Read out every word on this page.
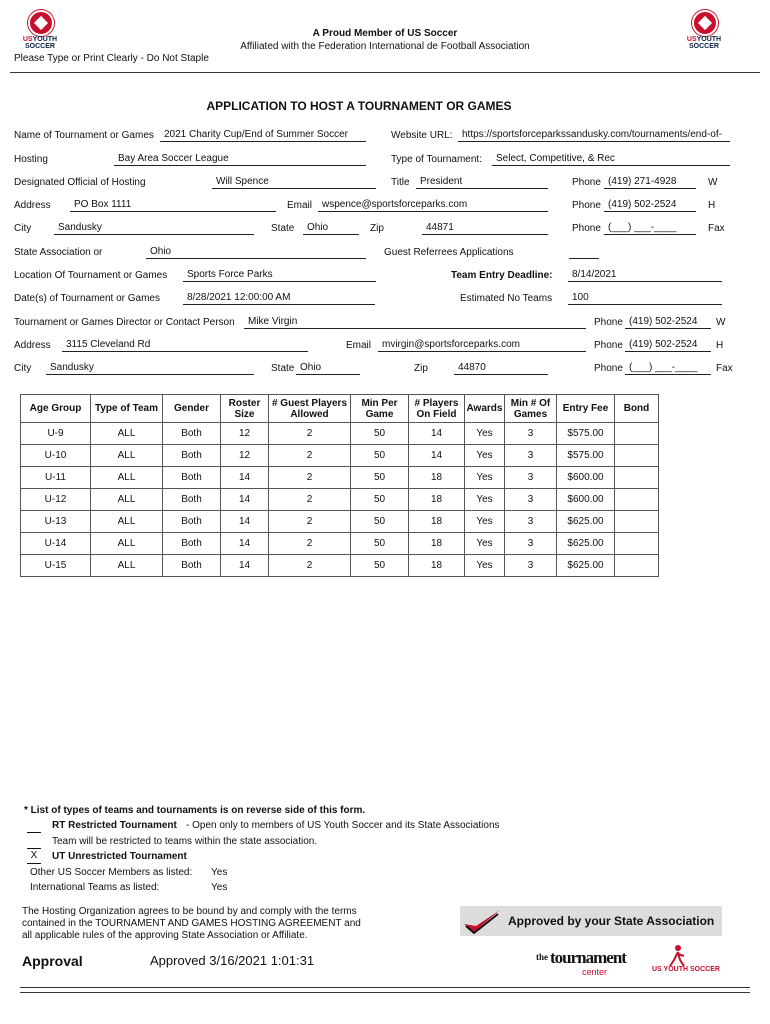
USYOUTH
SOCCER
USYOUTH
SOCCER
A Proud Member of US Soccer
Affiliated with the Federation International de Football Association
Please Type or Print Clearly - Do Not Staple
APPLICATION TO HOST A TOURNAMENT OR GAMES
Name of Tournament or Games	2021 Charity Cup/End of Summer Soccer	Website URL: https://sportsforceparkssandusky.com/tournaments/end-of-
Hosting	Bay Area Soccer League	Type of Tournament:	Select, Competitive, & Rec
Designated Official of Hosting	Will Spence	Title	President	Phone (419) 271-4928	W
Address	PO Box 1111	Email wspence@sportsforceparks.com	Phone (419) 502-2524	H
City	Sandusky	State	Ohio	Zip	44871	Phone (___) ___-____	Fax
State Association or	Ohio	Guest Referrees Applications
Location Of Tournament or Games	Sports Force Parks	Team Entry Deadline:	8/14/2021
Date(s) of Tournament or Games	8/28/2021 12:00:00 AM	Estimated No Teams	100
Tournament or Games Director or Contact Person	Mike Virgin	Phone (419) 502-2524	W
Address	3115 Cleveland Rd	Email	mvirgin@sportsforceparks.com	Phone (419) 502-2524	H
City	Sandusky	State Ohio	Zip	44870	Phone (___) ___-____	Fax
Age Group	Type of Team	Gender	Roster Size	# Guest Players Allowed	Min Per Game	# Players On Field	Awards	Min # Of Games	Entry Fee	Bond
U-9	ALL	Both	12	2	50	14	Yes	3	$575.00	
U-10	ALL	Both	12	2	50	14	Yes	3	$575.00	
U-11	ALL	Both	14	2	50	18	Yes	3	$600.00	
U-12	ALL	Both	14	2	50	18	Yes	3	$600.00	
U-13	ALL	Both	14	2	50	18	Yes	3	$625.00	
U-14	ALL	Both	14	2	50	18	Yes	3	$625.00	
U-15	ALL	Both	14	2	50	18	Yes	3	$625.00	
* List of types of teams and tournaments is on reverse side of this form.
RT Restricted Tournament - Open only to members of US Youth Soccer and its State Associations
Team will be restricted to teams within the state association.
X	UT Unrestricted Tournament
Other US Soccer Members as listed: Yes
International Teams as listed:	Yes
The Hosting Organization agrees to be bound by and comply with the terms
contained in the TOURNAMENT AND GAMES HOSTING AGREEMENT and
all applicable rules of the approving State Association or Affiliate.
Approval	Approved 3/16/2021 1:01:31
Approved by your State Association
the tournament
center	US YOUTH SOCCER
